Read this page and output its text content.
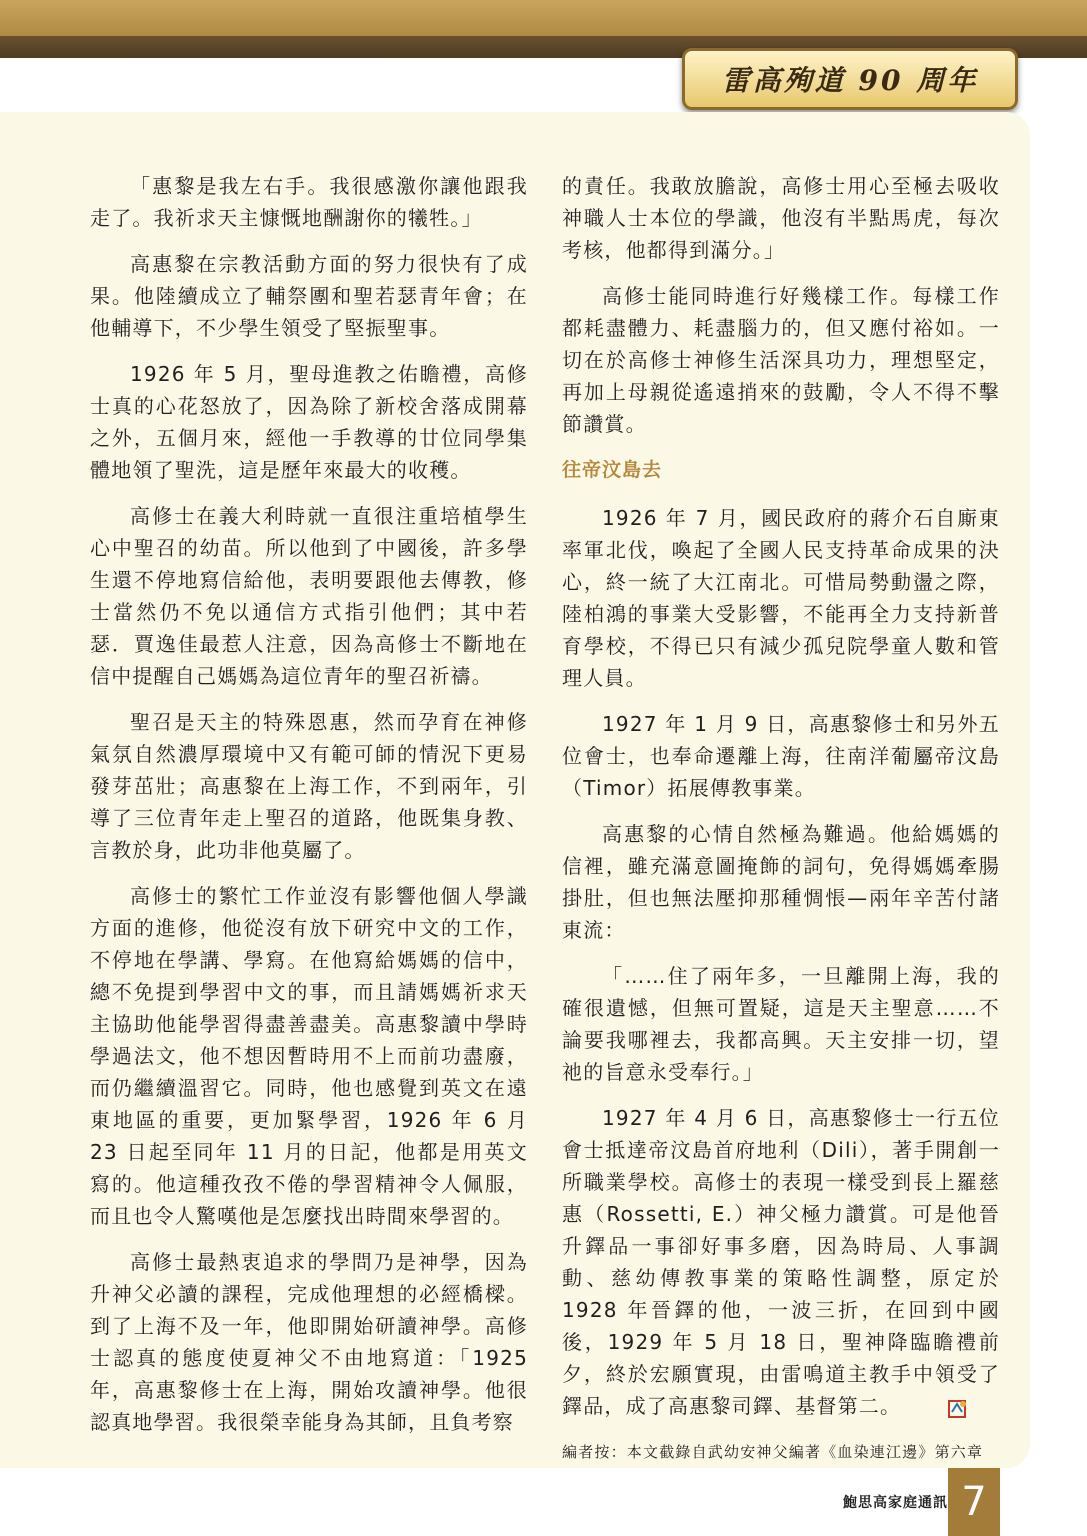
雷高殉道 90 周年

「惠黎是我左右手。我很感激你讓他跟我走了。我祈求天主慷慨地酬謝你的犧牲。」

高惠黎在宗教活動方面的努力很快有了成果。他陸續成立了輔祭團和聖若瑟青年會；在他輔導下，不少學生領受了堅振聖事。

1926 年 5 月，聖母進教之佑瞻禮，高修士真的心花怒放了，因為除了新校舍落成開幕之外，五個月來，經他一手教導的廿位同學集體地領了聖洗，這是歷年來最大的收穫。

高修士在義大利時就一直很注重培植學生心中聖召的幼苗。所以他到了中國後，許多學生還不停地寫信給他，表明要跟他去傳教，修士當然仍不免以通信方式指引他們；其中若瑟．賈逸佳最惹人注意，因為高修士不斷地在信中提醒自己媽媽為這位青年的聖召祈禱。

聖召是天主的特殊恩惠，然而孕育在神修氣氛自然濃厚環境中又有範可師的情況下更易發芽茁壯；高惠黎在上海工作，不到兩年，引導了三位青年走上聖召的道路，他既集身教、言教於身，此功非他莫屬了。

高修士的繁忙工作並沒有影響他個人學識方面的進修，他從沒有放下研究中文的工作，不停地在學講、學寫。在他寫給媽媽的信中，總不免提到學習中文的事，而且請媽媽祈求天主協助他能學習得盡善盡美。高惠黎讀中學時學過法文，他不想因暫時用不上而前功盡廢，而仍繼續溫習它。同時，他也感覺到英文在遠東地區的重要，更加緊學習，1926 年 6 月 23 日起至同年 11 月的日記，他都是用英文寫的。他這種孜孜不倦的學習精神令人佩服，而且也令人驚嘆他是怎麼找出時間來學習的。

高修士最熱衷追求的學問乃是神學，因為升神父必讀的課程，完成他理想的必經橋樑。到了上海不及一年，他即開始研讀神學。高修士認真的態度使夏神父不由地寫道：「1925 年，高惠黎修士在上海，開始攻讀神學。他很認真地學習。我很榮幸能身為其師，且負考察

的責任。我敢放膽說，高修士用心至極去吸收神職人士本位的學識，他沒有半點馬虎，每次考核，他都得到滿分。」

高修士能同時進行好幾樣工作。每樣工作都耗盡體力、耗盡腦力的，但又應付裕如。一切在於高修士神修生活深具功力，理想堅定，再加上母親從遙遠捎來的鼓勵，令人不得不擊節讚賞。

往帝汶島去

1926 年 7 月，國民政府的蔣介石自廝東率軍北伐，喚起了全國人民支持革命成果的決心，終一統了大江南北。可惜局勢動盪之際，陸柏鴻的事業大受影響，不能再全力支持新普育學校，不得已只有減少孤兒院學童人數和管理人員。

1927 年 1 月 9 日，高惠黎修士和另外五位會士，也奉命遷離上海，往南洋葡屬帝汶島（Timor）拓展傳教事業。

高惠黎的心情自然極為難過。他給媽媽的信裡，雖充滿意圖掩飾的詞句，免得媽媽牽腸掛肚，但也無法壓抑那種惆悵—兩年辛苦付諸東流：

「……住了兩年多，一旦離開上海，我的確很遺憾，但無可置疑，這是天主聖意……不論要我哪裡去，我都高興。天主安排一切，望祂的旨意永受奉行。」

1927 年 4 月 6 日，高惠黎修士一行五位會士抵達帝汶島首府地利（Dili），著手開創一所職業學校。高修士的表現一樣受到長上羅慈惠（Rossetti, E.）神父極力讚賞。可是他晉升鐸品一事卻好事多磨，因為時局、人事調動、慈幼傳教事業的策略性調整，原定於 1928 年晉鐸的他，一波三折，在回到中國後，1929 年 5 月 18 日，聖神降臨瞻禮前夕，終於宏願實現，由雷鳴道主教手中領受了鐸品，成了高惠黎司鐸、基督第二。

編者按：本文截錄自武幼安神父編著《血染連江邊》第六章

鮑思高家庭通訊 7
